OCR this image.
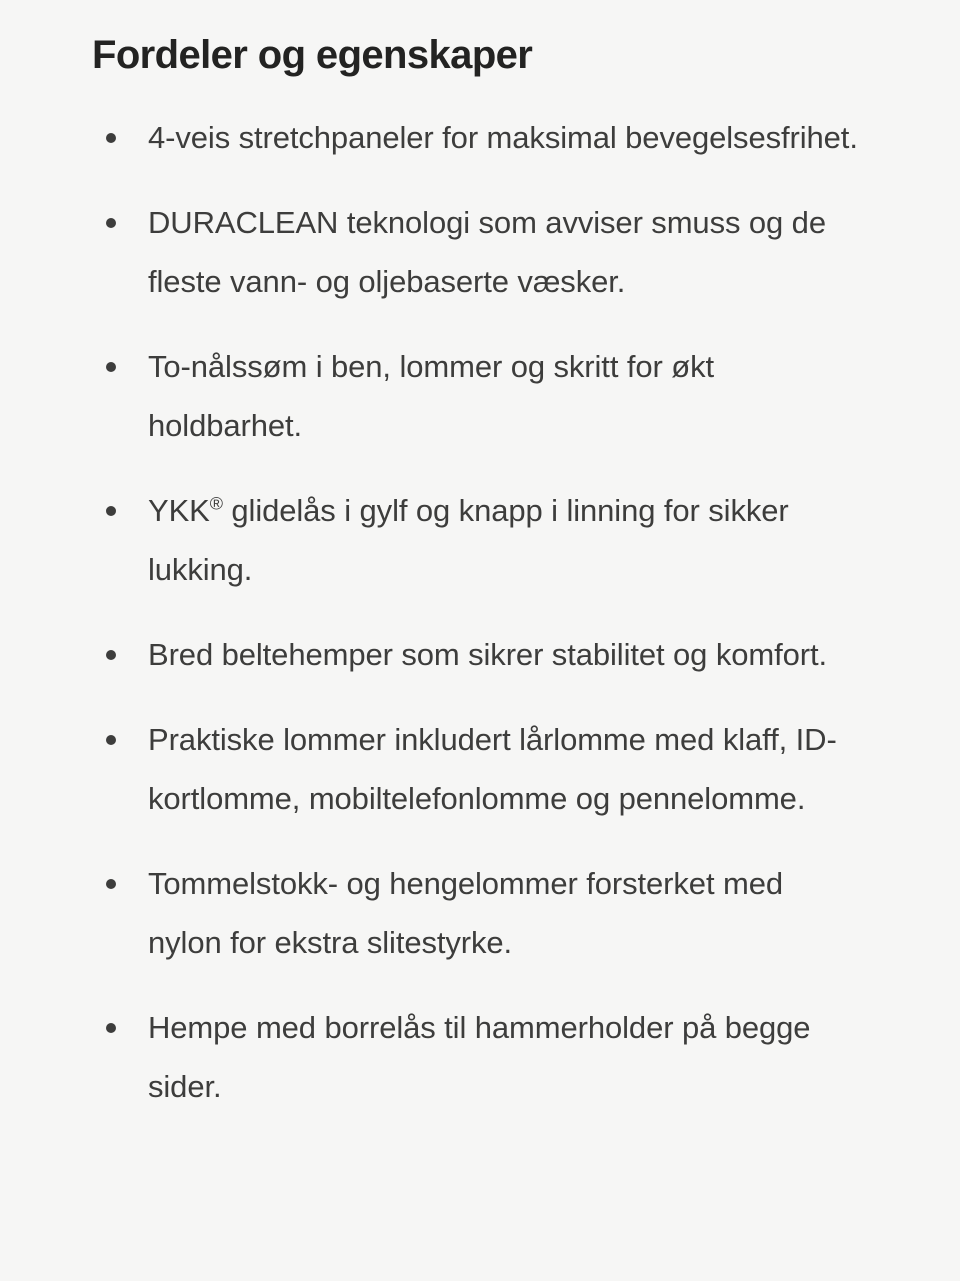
Fordeler og egenskaper
4-veis stretchpaneler for maksimal bevegelsesfrihet.
DURACLEAN teknologi som avviser smuss og de fleste vann- og oljebaserte væsker.
To-nålssøm i ben, lommer og skritt for økt holdbarhet.
YKK® glidelås i gylf og knapp i linning for sikker lukking.
Bred beltehemper som sikrer stabilitet og komfort.
Praktiske lommer inkludert lårlomme med klaff, ID-kortlomme, mobiltelefonlomme og pennelomme.
Tommelstokk- og hengelommer forsterket med nylon for ekstra slitestyrke.
Hempe med borrelås til hammerholder på begge sider.
